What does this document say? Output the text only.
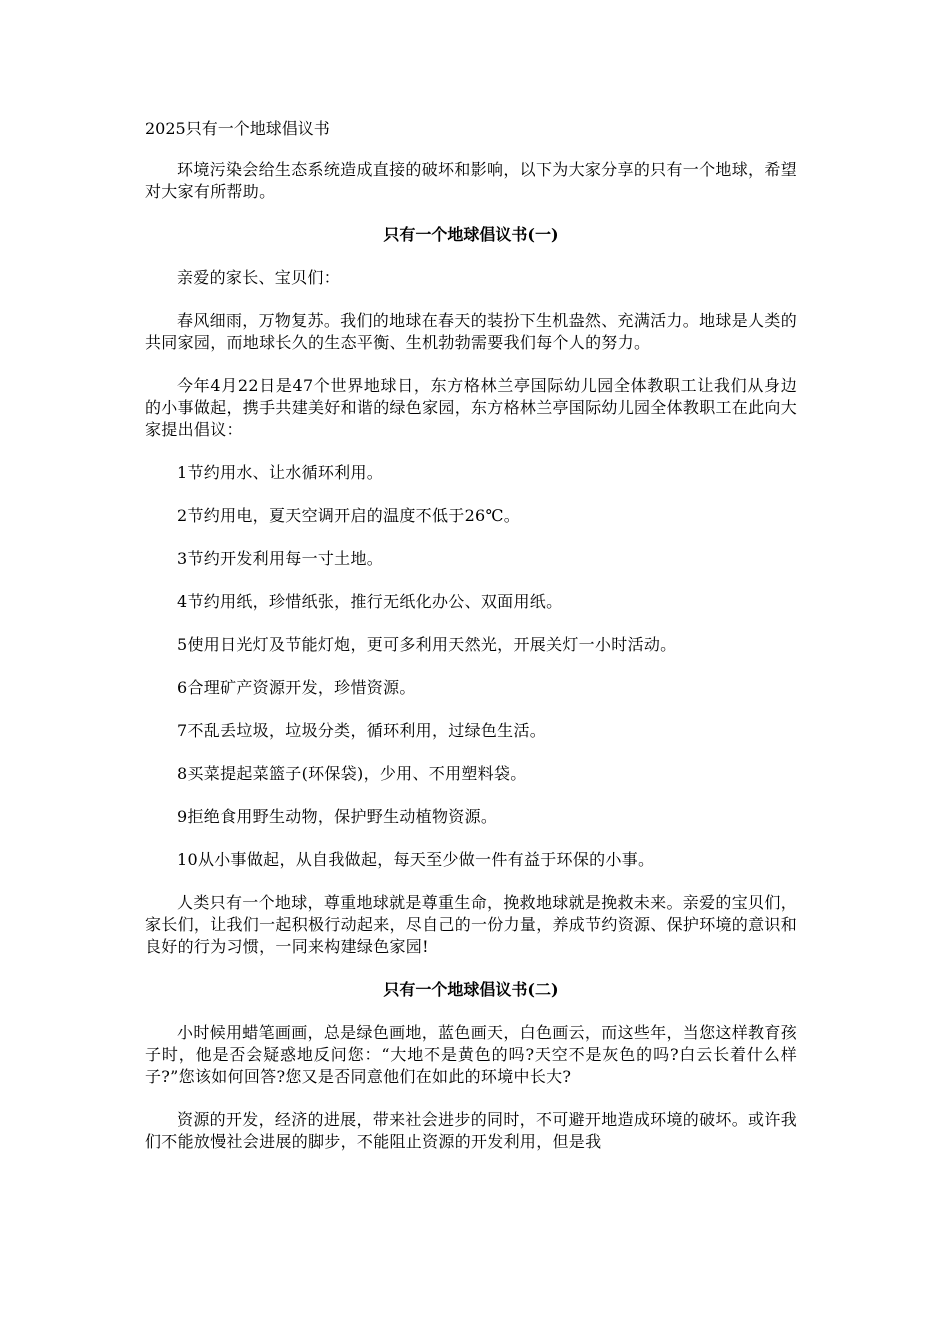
2025只有一个地球倡议书

环境污染会给生态系统造成直接的破坏和影响，以下为大家分享的只有一个地球，希望对大家有所帮助。

只有一个地球倡议书(一)

亲爱的家长、宝贝们：

春风细雨，万物复苏。我们的地球在春天的装扮下生机盎然、充满活力。地球是人类的共同家园，而地球长久的生态平衡、生机勃勃需要我们每个人的努力。

今年4月22日是47个世界地球日，东方格林兰亭国际幼儿园全体教职工让我们从身边的小事做起，携手共建美好和谐的绿色家园，东方格林兰亭国际幼儿园全体教职工在此向大家提出倡议：

1节约用水、让水循环利用。

2节约用电，夏天空调开启的温度不低于26℃。

3节约开发利用每一寸土地。

4节约用纸，珍惜纸张，推行无纸化办公、双面用纸。

5使用日光灯及节能灯炮，更可多利用天然光，开展关灯一小时活动。

6合理矿产资源开发，珍惜资源。

7不乱丢垃圾，垃圾分类，循环利用，过绿色生活。

8买菜提起菜篮子(环保袋)，少用、不用塑料袋。

9拒绝食用野生动物，保护野生动植物资源。

10从小事做起，从自我做起，每天至少做一件有益于环保的小事。

人类只有一个地球，尊重地球就是尊重生命，挽救地球就是挽救未来。亲爱的宝贝们，家长们，让我们一起积极行动起来，尽自己的一份力量，养成节约资源、保护环境的意识和良好的行为习惯，一同来构建绿色家园!

只有一个地球倡议书(二)

小时候用蜡笔画画，总是绿色画地，蓝色画天，白色画云，而这些年，当您这样教育孩子时，他是否会疑惑地反问您：“大地不是黄色的吗?天空不是灰色的吗?白云长着什么样子?”您该如何回答?您又是否同意他们在如此的环境中长大?

资源的开发，经济的进展，带来社会进步的同时，不可避开地造成环境的破坏。或许我们不能放慢社会进展的脚步，不能阻止资源的开发利用，但是我
